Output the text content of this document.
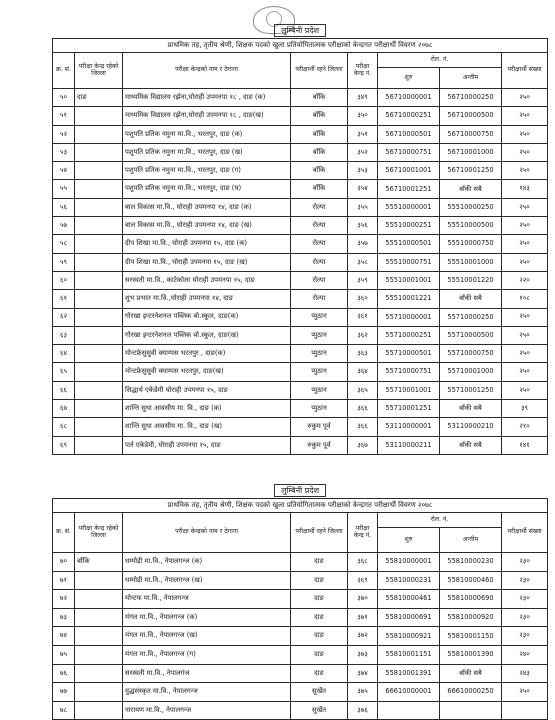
लुम्बिनी प्रदेश							
प्राथमिक तह, तृतीय श्रेणी, शिक्षक पदको खुला प्रतियोगितात्मक परीक्षाको केन्द्रगत परीक्षार्थी विवरण २०७८							
क्र. सं.	परीक्षा केन्द्र रहेको जिल्ला	परीक्षा केन्द्रको नाम र ठेगाना	परीक्षार्थी रहने जिल्ला	परीक्षा केन्द्र नं.	रोल. नं.		परीक्षार्थी संख्या
					शुरु	अन्तीम	
५०	दाङ	माध्यमिक विद्यालय रझेना,घोराही उपमनपा १८ , दाङ (क)	बाँकि	३४९	56710000001	56710000250	२५०
५१		माध्यमिक विद्यालय रझेना,घोराही उपमनपा १८ , दाङ(ख)	बाँकि	३५०	56710000251	56710000500	२५०
५२		पशुपति प्रतिक नमुना मा.वि., भरतपुर, दाङ (क)	बाँकि	३५१	56710000501	56710000750	२५०
५३		पशुपति प्रतिक नमुना मा.वि., भरतपुर, दाङ (ख)	बाँकि	३५२	56710000751	56710001000	२५०
५४		पशुपति प्रतिक नमुना मा.वि., भरतपुर, दाङ (ग)	बाँकि	३५३	56710001001	56710001250	२५०
५५		पशुपति प्रतिक नमुना मा.वि., भरतपुर, दाङ (घ)	बाँकि	३५४	56710001251	बाँकी सबै	१४३
५६		बाल विकास मा.वि., घोराही उपमनपा १४, दाङ (क)	रोल्पा	३५५	55510000001	55510000250	२५०
५७		बाल विकास मा.वि., घोराही उपमनपा १४, दाङ (ख)	रोल्पा	३५६	55510000251	55510000500	२५०
५८		दीप शिखा मा.वि., घोराही उपमनपा १५, दाङ (क)	रोल्पा	३५७	55510000501	55510000750	२५०
५९		दीप शिखा मा.वि., घोराही उपमनपा १५, दाङ (ख)	रोल्पा	३५८	55510000751	55510001000	२५०
६०		सरस्वती मा.वि., काटेकोला घोराही उपमनपा १५, दाङ	रोल्पा	३५९	55510001001	55510001220	२२०
६१		शुभ प्रभात मा.वि.,घोराही उपमनपा १४, दाङ	रोल्पा	३६०	55510001221	बाँकी सबै	१०८
६२		गोरखा इन्टरनेशनल पब्लिक बो.स्कुल, दाङ(क)	प्युठान	३६१	55710000001	55710000250	२५०
६३		गोरखा इन्टरनेशनल पब्लिक बो.स्कुल, दाङ(ख)	प्युठान	३६२	55710000251	55710000500	२५०
६४		मोन्टफ्रेसुसुवी क्याम्पस भरतपुर , दाङ(क)	प्युठान	३६३	55710000501	55710000750	२५०
६५		मोन्टफ्रेसुसुवी क्याम्पस भरतपुर, दाङ(ख)	प्युठान	३६४	55710000751	55710001000	२५०
६६		सिद्धार्थ एकेडेमी घोराही उपमनपा १५, दाङ	प्युठान	३६५	55710001001	55710001250	२५०
६७		शान्ति सुधा आवसीय मा. वि., दाङ (क)	प्युठान	३६६	55710001251	बाँकी सबै	३९
६८		शान्ति सुधा आवसीय मा. वि., दाङ (ख)	रुकुम पूर्व	३६६	53110000001	53110000210	२१०
६९		पर्ल एकेडेमी, घोराही उपमनपा १५, दाङ	रुकुम पूर्व	३६७	53110000211	बाँकी सबै	१४१
लुम्बिनी प्रदेश							
प्राथमिक तह, तृतीय श्रेणी, शिक्षक पदको खुला प्रतियोगितात्मक परीक्षाको केन्द्रगत परीक्षार्थी विवरण २०७८							
क्र. सं.	परीक्षा केन्द्र रहेको जिल्ला	परीक्षा केन्द्रको नाम र ठेगाना	परीक्षार्थी रहने जिल्ला	परीक्षा केन्द्र नं.	रोल. नं.		परीक्षार्थी संख्या
					शुरु	अन्तीम	
७०	बाँकि	धम्मोद्री मा.वि., नेपालगन्ज (क)	दाङ	३६८	55810000001	55810000230	२३०
७१		धम्मोद्री मा.वि., नेपालगन्ज (ख)	दाङ	३६९	55810000231	55810000460	२३०
७२		मोन्टफ मा.वि., नेपालगन्ज	दाङ	३७०	55810000461	55810000690	२३०
७३		मंगल मा.वि., नेपालगन्ज (क)	दाङ	३७१	55810000691	55810000920	२३०
७४		मंगल मा.वि., नेपालगन्ज (ख)	दाङ	३७२	55810000921	55810001150	२३०
७५		मंगल मा.वि., नेपालगन्ज (ग)	दाङ	३७३	55810001151	55810001390	२४०
७६		सरस्वती मा.वि., नेपालगंज	दाङ	३७४	55810001391	बाँकी सबै	२४३
७७		युद्धसंस्कृत मा.वि., नेपालगन्ज	सुर्खेत	३७५	66610000001	66610000250	२५०
७८		नारायण मा.वि., नेपालगन्ज	सुर्खेत	३७६			
